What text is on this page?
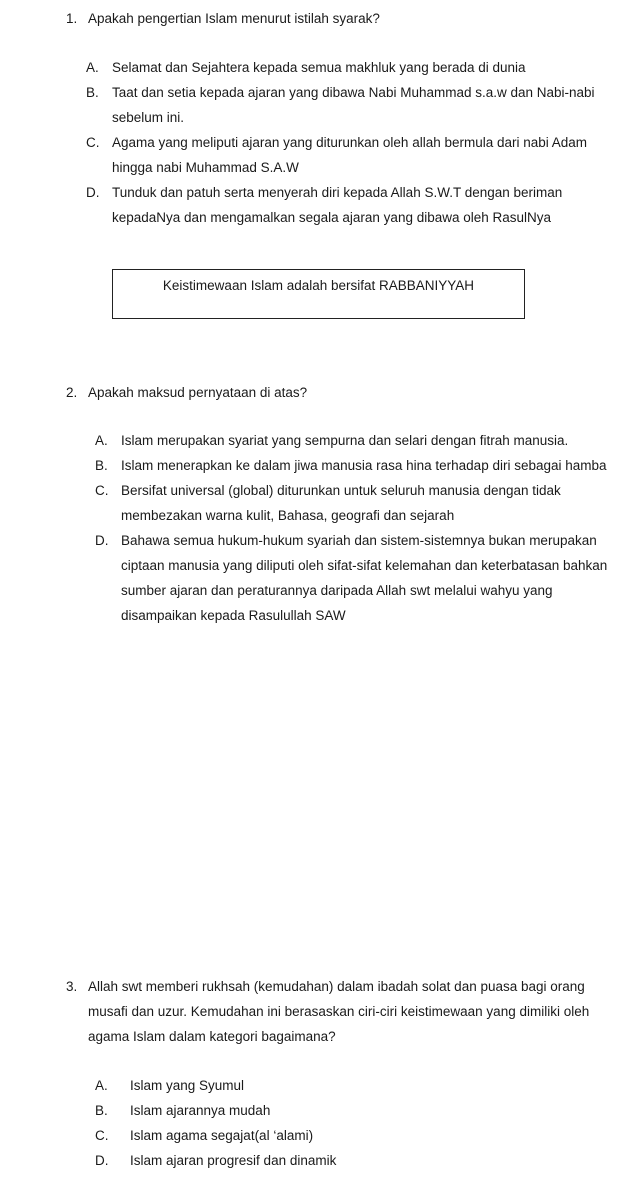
1. Apakah pengertian Islam menurut istilah syarak?
A. Selamat dan Sejahtera kepada semua makhluk yang berada di dunia
B. Taat dan setia kepada ajaran yang dibawa Nabi Muhammad s.a.w dan Nabi-nabi sebelum ini.
C. Agama yang meliputi ajaran yang diturunkan oleh allah bermula dari nabi Adam hingga nabi Muhammad S.A.W
D. Tunduk dan patuh serta menyerah diri kepada Allah S.W.T dengan beriman kepadaNya dan mengamalkan segala ajaran yang dibawa oleh RasulNya
Keistimewaan Islam adalah bersifat RABBANIYYAH
2. Apakah maksud pernyataan di atas?
A. Islam merupakan syariat yang sempurna dan selari dengan fitrah manusia.
B. Islam menerapkan ke dalam jiwa manusia rasa hina terhadap diri sebagai hamba
C. Bersifat universal (global) diturunkan untuk seluruh manusia dengan tidak membezakan warna kulit, Bahasa, geografi dan sejarah
D. Bahawa semua hukum-hukum syariah dan sistem-sistemnya bukan merupakan ciptaan manusia yang diliputi oleh sifat-sifat kelemahan dan keterbatasan bahkan sumber ajaran dan peraturannya daripada Allah swt melalui wahyu yang disampaikan kepada Rasulullah SAW
3. Allah swt memberi rukhsah (kemudahan) dalam ibadah solat dan puasa bagi orang musafi dan uzur. Kemudahan ini berasaskan ciri-ciri keistimewaan yang dimiliki oleh agama Islam dalam kategori bagaimana?
A.	Islam yang Syumul
B.	Islam ajarannya mudah
C.	Islam agama segajat(al ‘alami)
D.	Islam ajaran progresif dan dinamik
